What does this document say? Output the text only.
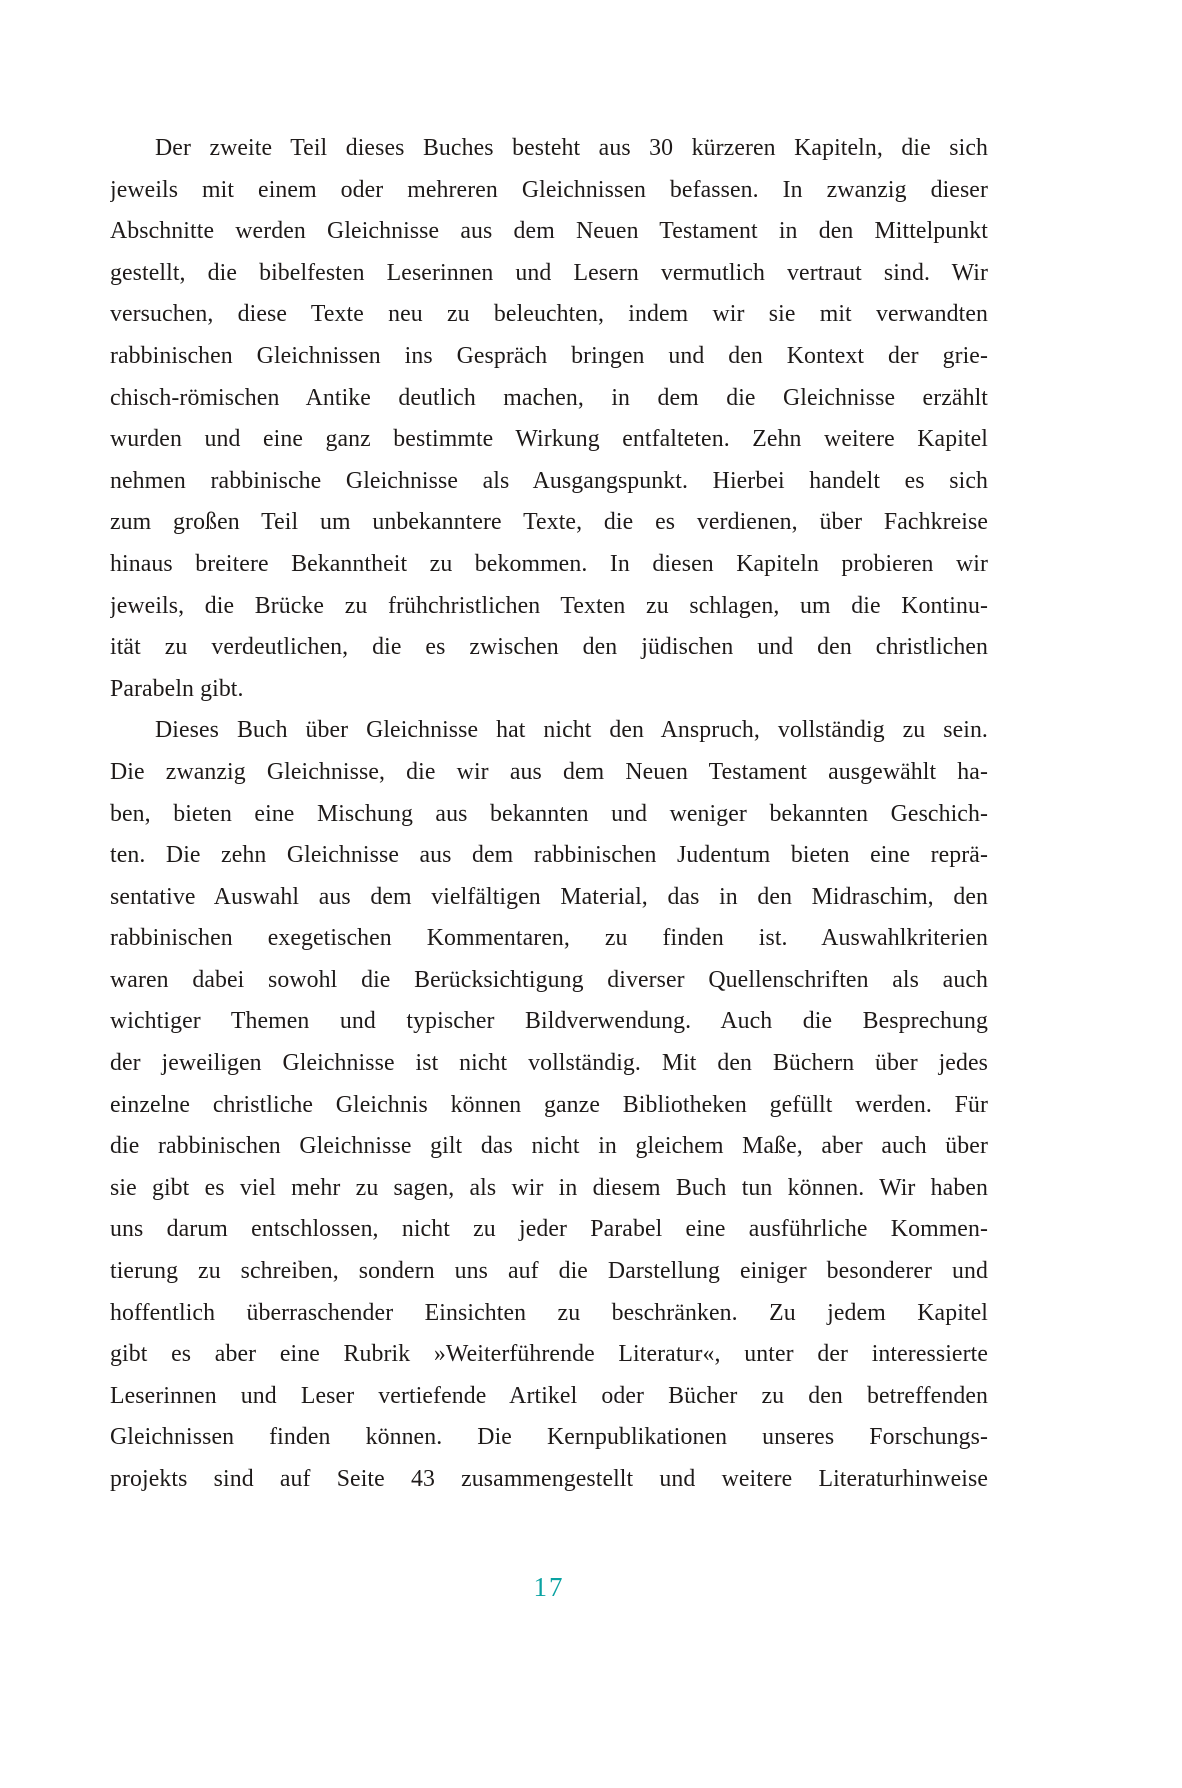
Der zweite Teil dieses Buches besteht aus 30 kürzeren Kapiteln, die sich
jeweils mit einem oder mehreren Gleichnissen befassen. In zwanzig dieser
Abschnitte werden Gleichnisse aus dem Neuen Testament in den Mittelpunkt
gestellt, die bibelfesten Leserinnen und Lesern vermutlich vertraut sind. Wir
versuchen, diese Texte neu zu beleuchten, indem wir sie mit verwandten
rabbinischen Gleichnissen ins Gespräch bringen und den Kontext der grie-
chisch-römischen Antike deutlich machen, in dem die Gleichnisse erzählt
wurden und eine ganz bestimmte Wirkung entfalteten. Zehn weitere Kapitel
nehmen rabbinische Gleichnisse als Ausgangspunkt. Hierbei handelt es sich
zum großen Teil um unbekanntere Texte, die es verdienen, über Fachkreise
hinaus breitere Bekanntheit zu bekommen. In diesen Kapiteln probieren wir
jeweils, die Brücke zu frühchristlichen Texten zu schlagen, um die Kontinu-
ität zu verdeutlichen, die es zwischen den jüdischen und den christlichen
Parabeln gibt.
Dieses Buch über Gleichnisse hat nicht den Anspruch, vollständig zu sein.
Die zwanzig Gleichnisse, die wir aus dem Neuen Testament ausgewählt ha-
ben, bieten eine Mischung aus bekannten und weniger bekannten Geschich-
ten. Die zehn Gleichnisse aus dem rabbinischen Judentum bieten eine reprä-
sentative Auswahl aus dem vielfältigen Material, das in den Midraschim, den
rabbinischen exegetischen Kommentaren, zu finden ist. Auswahlkriterien
waren dabei sowohl die Berücksichtigung diverser Quellenschriften als auch
wichtiger Themen und typischer Bildverwendung. Auch die Besprechung
der jeweiligen Gleichnisse ist nicht vollständig. Mit den Büchern über jedes
einzelne christliche Gleichnis können ganze Bibliotheken gefüllt werden. Für
die rabbinischen Gleichnisse gilt das nicht in gleichem Maße, aber auch über
sie gibt es viel mehr zu sagen, als wir in diesem Buch tun können. Wir haben
uns darum entschlossen, nicht zu jeder Parabel eine ausführliche Kommen-
tierung zu schreiben, sondern uns auf die Darstellung einiger besonderer und
hoffentlich überraschender Einsichten zu beschränken. Zu jedem Kapitel
gibt es aber eine Rubrik »Weiterführende Literatur«, unter der interessierte
Leserinnen und Leser vertiefende Artikel oder Bücher zu den betreffenden
Gleichnissen finden können. Die Kernpublikationen unseres Forschungs-
projekts sind auf Seite 43 zusammengestellt und weitere Literaturhinweise
17
